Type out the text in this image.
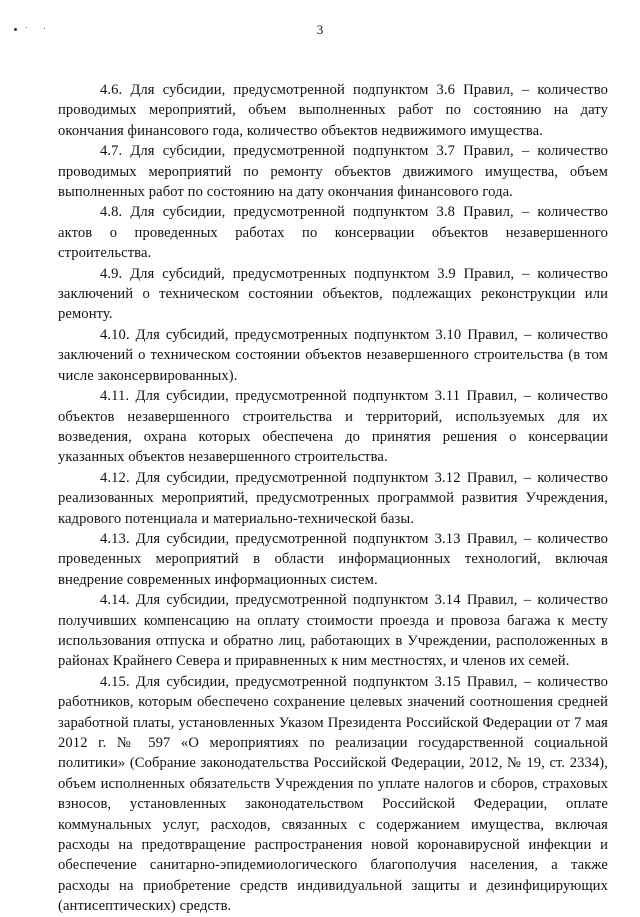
3

4.6. Для субсидии, предусмотренной подпунктом 3.6 Правил, – количество проводимых мероприятий, объем выполненных работ по состоянию на дату окончания финансового года, количество объектов недвижимого имущества.

4.7. Для субсидии, предусмотренной подпунктом 3.7 Правил, – количество проводимых мероприятий по ремонту объектов движимого имущества, объем выполненных работ по состоянию на дату окончания финансового года.

4.8. Для субсидии, предусмотренной подпунктом 3.8 Правил, – количество актов о проведенных работах по консервации объектов незавершенного строительства.

4.9. Для субсидий, предусмотренных подпунктом 3.9 Правил, – количество заключений о техническом состоянии объектов, подлежащих реконструкции или ремонту.

4.10. Для субсидий, предусмотренных подпунктом 3.10 Правил, – количество заключений о техническом состоянии объектов незавершенного строительства (в том числе законсервированных).

4.11. Для субсидии, предусмотренной подпунктом 3.11 Правил, – количество объектов незавершенного строительства и территорий, используемых для их возведения, охрана которых обеспечена до принятия решения о консервации указанных объектов незавершенного строительства.

4.12. Для субсидии, предусмотренной подпунктом 3.12 Правил, – количество реализованных мероприятий, предусмотренных программой развития Учреждения, кадрового потенциала и материально-технической базы.

4.13. Для субсидии, предусмотренной подпунктом 3.13 Правил, – количество проведенных мероприятий в области информационных технологий, включая внедрение современных информационных систем.

4.14. Для субсидии, предусмотренной подпунктом 3.14 Правил, – количество получивших компенсацию на оплату стоимости проезда и провоза багажа к месту использования отпуска и обратно лиц, работающих в Учреждении, расположенных в районах Крайнего Севера и приравненных к ним местностях, и членов их семей.

4.15. Для субсидии, предусмотренной подпунктом 3.15 Правил, – количество работников, которым обеспечено сохранение целевых значений соотношения средней заработной платы, установленных Указом Президента Российской Федерации от 7 мая 2012 г. № 597 «О мероприятиях по реализации государственной социальной политики» (Собрание законодательства Российской Федерации, 2012, № 19, ст. 2334), объем исполненных обязательств Учреждения по уплате налогов и сборов, страховых взносов, установленных законодательством Российской Федерации, оплате коммунальных услуг, расходов, связанных с содержанием имущества, включая расходы на предотвращение распространения новой коронавирусной инфекции и обеспечение санитарно-эпидемиологического благополучия населения, а также расходы на приобретение средств индивидуальной защиты и дезинфицирующих (антисептических) средств.
